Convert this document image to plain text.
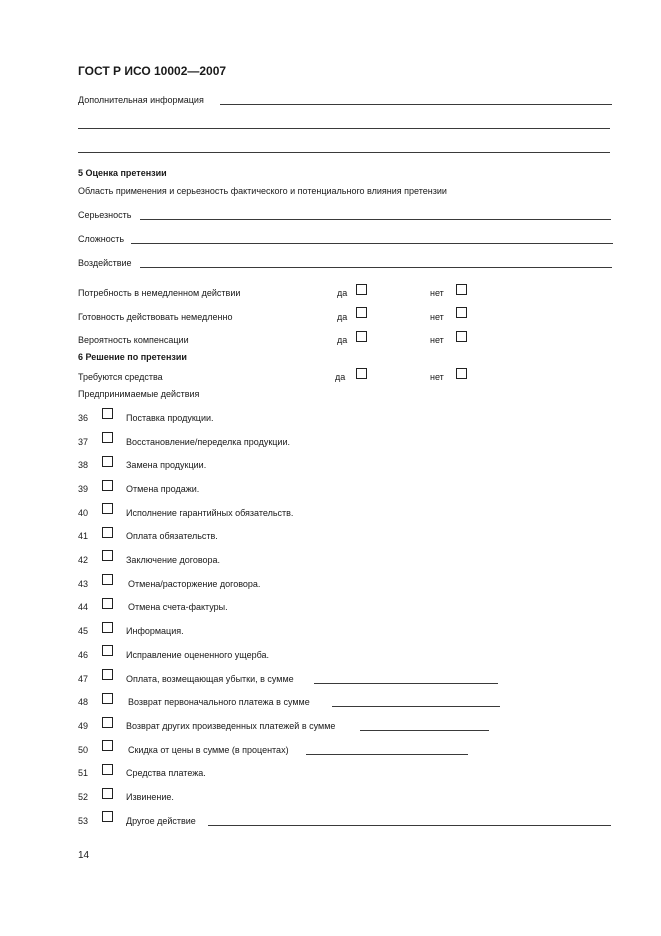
ГОСТ Р ИСО 10002—2007
Дополнительная информация
5 Оценка претензии
Область применения и серьезность фактического и потенциального влияния претензии
Серьезность
Сложность
Воздействие
Потребность в немедленном действии	да	нет
Готовность действовать немедленно	да	нет
Вероятность компенсации	да	нет
6 Решение по претензии
Требуются средства	да	нет
Предпринимаемые действия
36	Поставка продукции.
37	Восстановление/переделка продукции.
38	Замена продукции.
39	Отмена продажи.
40	Исполнение гарантийных обязательств.
41	Оплата обязательств.
42	Заключение договора.
43	Отмена/расторжение договора.
44	Отмена счета-фактуры.
45	Информация.
46	Исправление оцененного ущерба.
47	Оплата, возмещающая убытки, в сумме
48	Возврат первоначального платежа в сумме
49	Возврат других произведенных платежей в сумме
50	Скидка от цены в сумме (в процентах)
51	Средства платежа.
52	Извинение.
53	Другое действие
14
